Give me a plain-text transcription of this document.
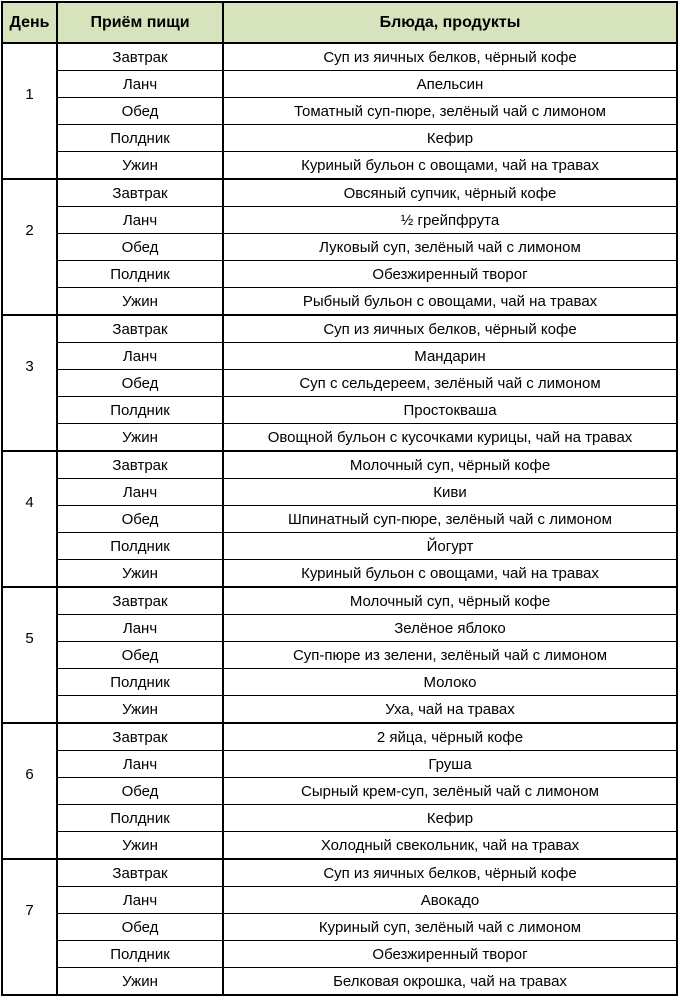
День	Приём пищи	Блюда, продукты
1	Завтрак	Суп из яичных белков, чёрный кофе
	Ланч	Апельсин
	Обед	Томатный суп-пюре, зелёный чай с лимоном
	Полдник	Кефир
	Ужин	Куриный бульон с овощами, чай на травах
2	Завтрак	Овсяный супчик, чёрный кофе
	Ланч	½ грейпфрута
	Обед	Луковый суп, зелёный чай с лимоном
	Полдник	Обезжиренный творог
	Ужин	Рыбный бульон с овощами, чай на травах
3	Завтрак	Суп из яичных белков, чёрный кофе
	Ланч	Мандарин
	Обед	Суп с сельдереем, зелёный чай с лимоном
	Полдник	Простокваша
	Ужин	Овощной бульон с кусочками курицы, чай на травах
4	Завтрак	Молочный суп, чёрный кофе
	Ланч	Киви
	Обед	Шпинатный суп-пюре, зелёный чай с лимоном
	Полдник	Йогурт
	Ужин	Куриный бульон с овощами, чай на травах
5	Завтрак	Молочный суп, чёрный кофе
	Ланч	Зелёное яблоко
	Обед	Суп-пюре из зелени, зелёный чай с лимоном
	Полдник	Молоко
	Ужин	Уха, чай на травах
6	Завтрак	2 яйца, чёрный кофе
	Ланч	Груша
	Обед	Сырный крем-суп, зелёный чай с лимоном
	Полдник	Кефир
	Ужин	Холодный свекольник, чай на травах
7	Завтрак	Суп из яичных белков, чёрный кофе
	Ланч	Авокадо
	Обед	Куриный суп, зелёный чай с лимоном
	Полдник	Обезжиренный творог
	Ужин	Белковая окрошка, чай на травах
